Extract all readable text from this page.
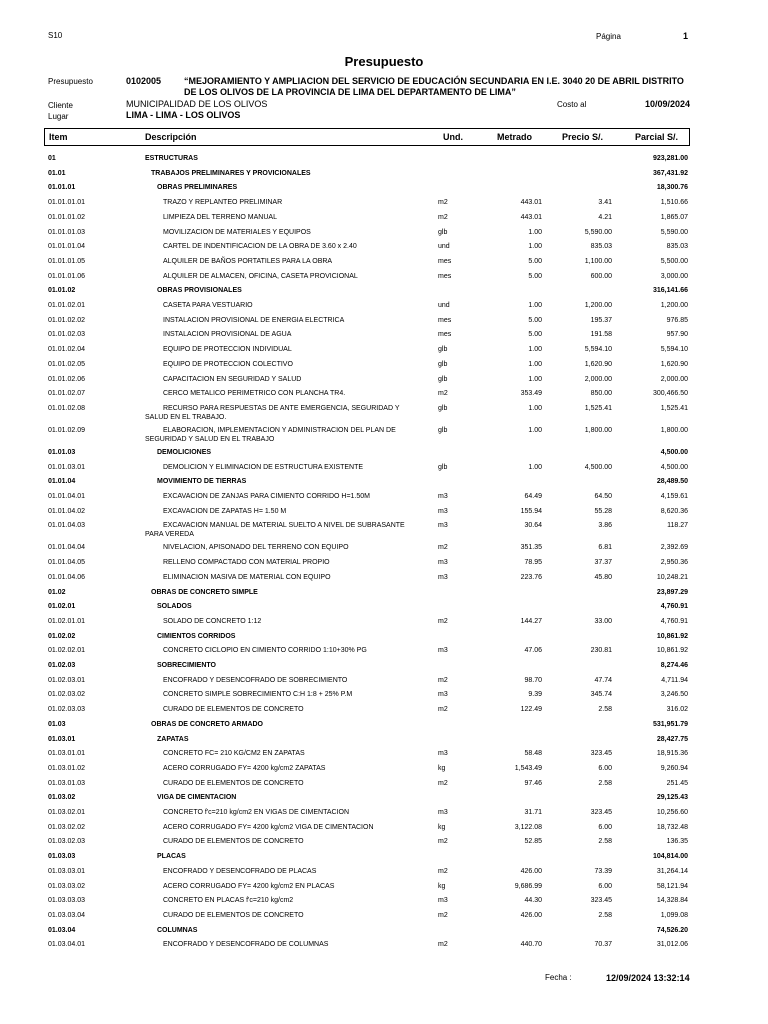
S10	Página	1
Presupuesto
Presupuesto	0102005	“MEJORAMIENTO Y AMPLIACION DEL SERVICIO DE EDUCACIÓN SECUNDARIA EN I.E. 3040 20 DE ABRIL DISTRITO DE LOS OLIVOS DE LA PROVINCIA DE LIMA DEL DEPARTAMENTO DE LIMA”
Cliente	MUNICIPALIDAD DE LOS OLIVOS	Costo al	10/09/2024
Lugar	LIMA - LIMA - LOS OLIVOS
Item	Descripción	Und.	Metrado	Precio S/.	Parcial S/.
01	ESTRUCTURAS	923,281.00
01.01	TRABAJOS PRELIMINARES Y PROVICIONALES	367,431.92
01.01.01	OBRAS PRELIMINARES	18,300.76
01.01.01.01	TRAZO Y REPLANTEO PRELIMINAR	m2	443.01	3.41	1,510.66
01.01.01.02	LIMPIEZA DEL TERRENO MANUAL	m2	443.01	4.21	1,865.07
01.01.01.03	MOVILIZACION DE MATERIALES Y EQUIPOS	glb	1.00	5,590.00	5,590.00
01.01.01.04	CARTEL DE INDENTIFICACION DE LA OBRA DE 3.60 x 2.40	und	1.00	835.03	835.03
01.01.01.05	ALQUILER DE BAÑOS PORTATILES PARA LA OBRA	mes	5.00	1,100.00	5,500.00
01.01.01.06	ALQUILER DE ALMACEN, OFICINA, CASETA PROVICIONAL	mes	5.00	600.00	3,000.00
01.01.02	OBRAS PROVISIONALES	316,141.66
01.01.02.01	CASETA PARA VESTUARIO	und	1.00	1,200.00	1,200.00
01.01.02.02	INSTALACION PROVISIONAL DE ENERGIA ELECTRICA	mes	5.00	195.37	976.85
01.01.02.03	INSTALACION PROVISIONAL DE AGUA	mes	5.00	191.58	957.90
01.01.02.04	EQUIPO DE PROTECCION INDIVIDUAL	glb	1.00	5,594.10	5,594.10
01.01.02.05	EQUIPO DE PROTECCION COLECTIVO	glb	1.00	1,620.90	1,620.90
01.01.02.06	CAPACITACION EN SEGURIDAD Y SALUD	glb	1.00	2,000.00	2,000.00
01.01.02.07	CERCO METALICO PERIMETRICO CON PLANCHA TR4.	m2	353.49	850.00	300,466.50
01.01.02.08	RECURSO PARA RESPUESTAS DE ANTE EMERGENCIA, SEGURIDAD Y SALUD EN EL TRABAJO.
glb	1.00	1,525.41	1,525.41
01.01.02.09	ELABORACION, IMPLEMENTACION Y ADMINISTRACION DEL PLAN DE SEGURIDAD Y SALUD EN EL TRABAJO
glb	1.00	1,800.00	1,800.00
01.01.03	DEMOLICIONES	4,500.00
01.01.03.01	DEMOLICION Y ELIMINACION DE ESTRUCTURA EXISTENTE	glb	1.00	4,500.00	4,500.00
01.01.04	MOVIMIENTO DE TIERRAS	28,489.50
01.01.04.01	EXCAVACION DE ZANJAS PARA CIMIENTO CORRIDO H=1.50M	m3	64.49	64.50	4,159.61
01.01.04.02	EXCAVACION DE ZAPATAS H= 1.50 M	m3	155.94	55.28	8,620.36
01.01.04.03	EXCAVACION MANUAL DE MATERIAL SUELTO A NIVEL DE SUBRASANTE PARA VEREDA
m3	30.64	3.86	118.27
01.01.04.04	NIVELACION, APISONADO DEL TERRENO CON EQUIPO	m2	351.35	6.81	2,392.69
01.01.04.05	RELLENO COMPACTADO CON MATERIAL PROPIO	m3	78.95	37.37	2,950.36
01.01.04.06	ELIMINACION MASIVA DE MATERIAL CON EQUIPO	m3	223.76	45.80	10,248.21
01.02	OBRAS DE CONCRETO SIMPLE	23,897.29
01.02.01	SOLADOS	4,760.91
01.02.01.01	SOLADO DE CONCRETO 1:12	m2	144.27	33.00	4,760.91
01.02.02	CIMIENTOS CORRIDOS	10,861.92
01.02.02.01	CONCRETO CICLOPIO EN CIMIENTO CORRIDO 1:10+30% PG	m3	47.06	230.81	10,861.92
01.02.03	SOBRECIMIENTO	8,274.46
01.02.03.01	ENCOFRADO Y DESENCOFRADO DE SOBRECIMIENTO	m2	98.70	47.74	4,711.94
01.02.03.02	CONCRETO SIMPLE SOBRECIMIENTO C:H 1:8 + 25% P.M	m3	9.39	345.74	3,246.50
01.02.03.03	CURADO DE ELEMENTOS DE CONCRETO	m2	122.49	2.58	316.02
01.03	OBRAS DE CONCRETO ARMADO	531,951.79
01.03.01	ZAPATAS	28,427.75
01.03.01.01	CONCRETO FC= 210 KG/CM2 EN ZAPATAS	m3	58.48	323.45	18,915.36
01.03.01.02	ACERO CORRUGADO FY= 4200 kg/cm2 ZAPATAS	kg	1,543.49	6.00	9,260.94
01.03.01.03	CURADO DE ELEMENTOS DE CONCRETO	m2	97.46	2.58	251.45
01.03.02	VIGA DE CIMENTACION	29,125.43
01.03.02.01	CONCRETO f'c=210 kg/cm2 EN VIGAS DE CIMENTACION	m3	31.71	323.45	10,256.60
01.03.02.02	ACERO CORRUGADO FY= 4200 kg/cm2 VIGA DE CIMENTACION	kg	3,122.08	6.00	18,732.48
01.03.02.03	CURADO DE ELEMENTOS DE CONCRETO	m2	52.85	2.58	136.35
01.03.03	PLACAS	104,814.00
01.03.03.01	ENCOFRADO Y DESENCOFRADO DE PLACAS	m2	426.00	73.39	31,264.14
01.03.03.02	ACERO CORRUGADO FY= 4200 kg/cm2 EN PLACAS	kg	9,686.99	6.00	58,121.94
01.03.03.03	CONCRETO EN PLACAS f'c=210 kg/cm2	m3	44.30	323.45	14,328.84
01.03.03.04	CURADO DE ELEMENTOS DE CONCRETO	m2	426.00	2.58	1,099.08
01.03.04	COLUMNAS	74,526.20
01.03.04.01	ENCOFRADO Y DESENCOFRADO DE COLUMNAS	m2	440.70	70.37	31,012.06
Fecha :	12/09/2024 13:32:14
